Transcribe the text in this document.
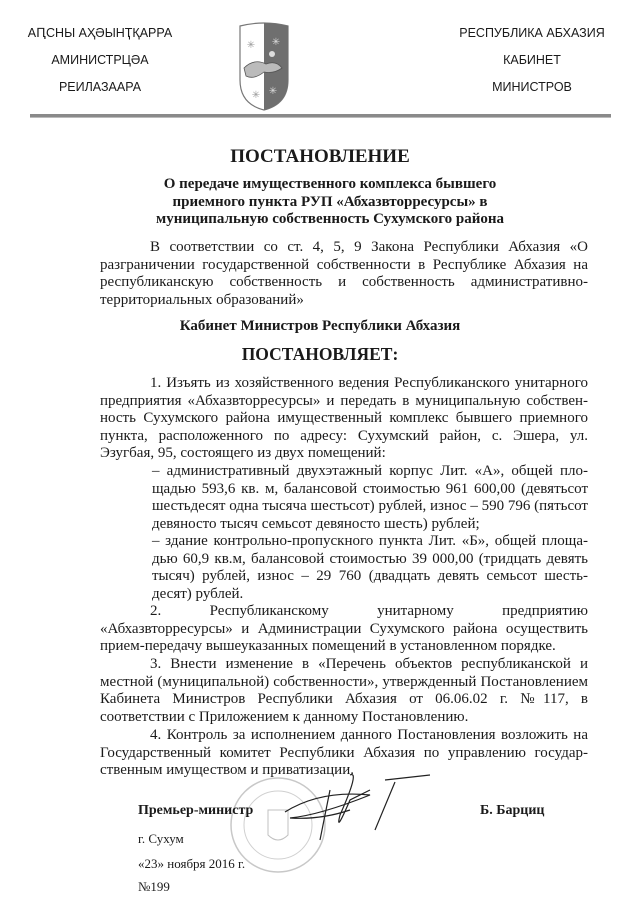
АԤСНЫ АҲӘЫНҬҚАРРА
АМИНИСТРЦӘА
РЕИЛАЗААРА
✳ ✳
✳ ✳
РЕСПУБЛИКА АБХАЗИЯ
КАБИНЕТ
МИНИСТРОВ
ПОСТАНОВЛЕНИЕ
О передаче имущественного комплекса бывшего приемного пункта РУП «Абхазвторресурсы» в муниципальную собственность Сухумского района
В соответствии со ст. 4, 5, 9 Закона Республики Абхазия «О разграничении государственной собственности в Республике Абхазия на республиканскую собственность и собственность административно-территориальных образований»
Кабинет Министров Республики Абхазия
ПОСТАНОВЛЯЕТ:
1. Изъять из хозяйственного ведения Республиканского унитарного предприятия «Абхазвторресурсы» и передать в муниципальную собственность Сухумского района имущественный комплекс бывшего приемного пункта, расположенного по адресу: Сухумский район, с. Эшера, ул. Эзугбая, 95, состоящего из двух помещений:
– административный двухэтажный корпус Лит. «А», общей площадью 593,6 кв. м, балансовой стоимостью 961 600,00 (девятьсот шестьдесят одна тысяча шестьсот) рублей, износ – 590 796 (пятьсот девяносто тысяч семьсот девяносто шесть) рублей;
– здание контрольно-пропускного пункта Лит. «Б», общей площадью 60,9 кв.м, балансовой стоимостью 39 000,00 (тридцать девять тысяч) рублей, износ – 29 760 (двадцать девять семьсот шестьдесят) рублей.
2. Республиканскому унитарному предприятию «Абхазвторресурсы» и Администрации Сухумского района осуществить прием-передачу вышеуказанных помещений в установленном порядке.
3. Внести изменение в «Перечень объектов республиканской и местной (муниципальной) собственности», утвержденный Постановлением Кабинета Министров Республики Абхазия от 06.06.02 г. №117, в соответствии с Приложением к данному Постановлению.
4. Контроль за исполнением данного Постановления возложить на Государственный комитет Республики Абхазия по управлению государственным имуществом и приватизации.
Премьер-министр	Б. Барциц
г. Сухум
«23» ноября 2016 г.
№199
